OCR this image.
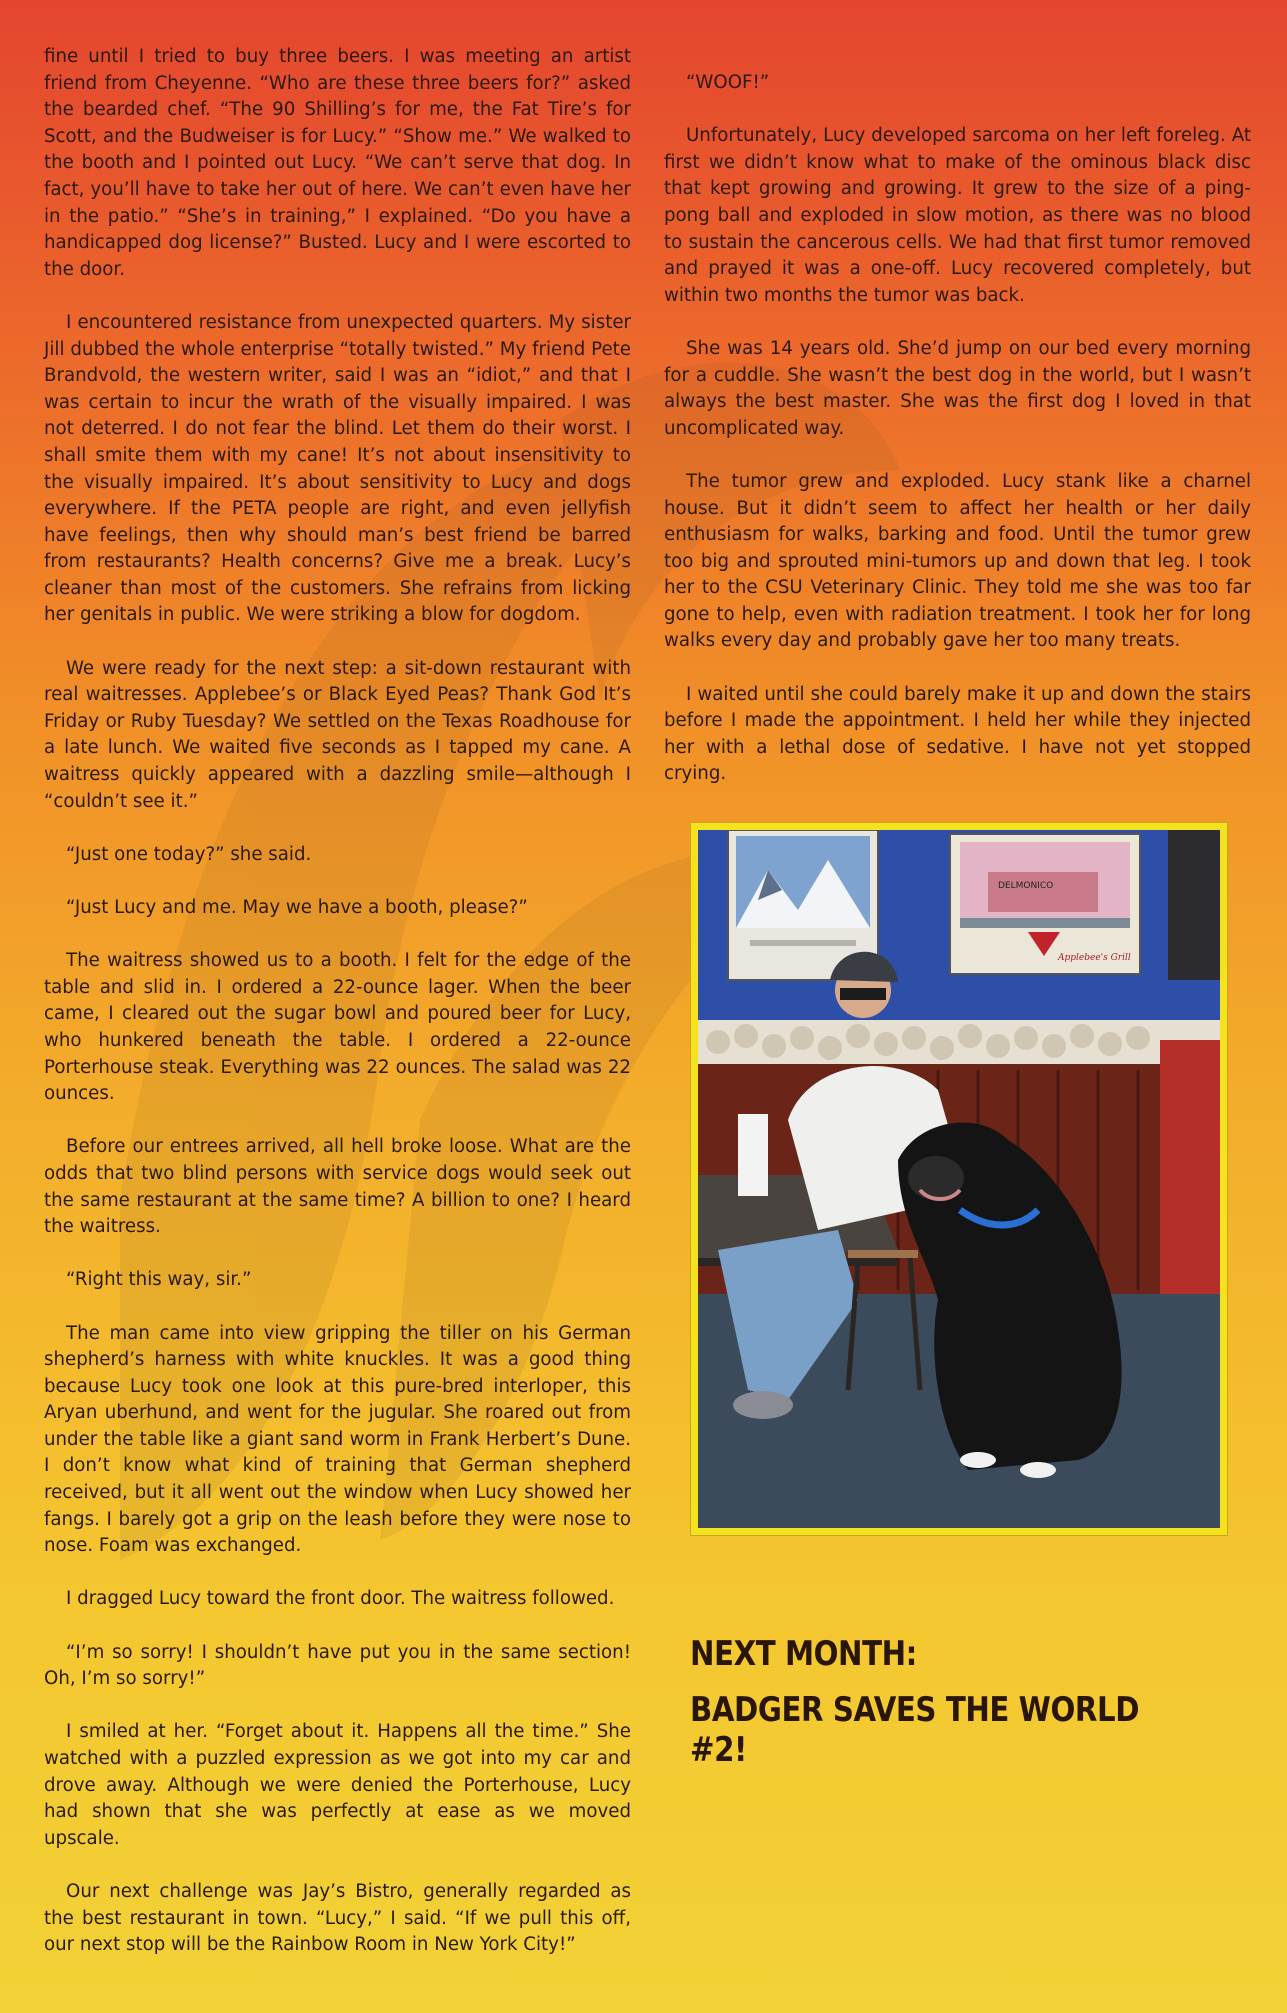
fine until I tried to buy three beers. I was meeting an artist friend from Cheyenne. “Who are these three beers for?” asked the bearded chef. “The 90 Shilling’s for me, the Fat Tire’s for Scott, and the Budweiser is for Lucy.” “Show me.” We walked to the booth and I pointed out Lucy. “We can’t serve that dog. In fact, you’ll have to take her out of here. We can’t even have her in the patio.” “She’s in training,” I explained. “Do you have a handicapped dog license?” Busted. Lucy and I were escorted to the door.

I encountered resistance from unexpected quarters. My sister Jill dubbed the whole enterprise “totally twisted.” My friend Pete Brandvold, the western writer, said I was an “idiot,” and that I was certain to incur the wrath of the visually impaired. I was not deterred. I do not fear the blind. Let them do their worst. I shall smite them with my cane! It’s not about insensitivity to the visually impaired. It’s about sensitivity to Lucy and dogs everywhere. If the PETA people are right, and even jellyfish have feelings, then why should man’s best friend be barred from restaurants? Health concerns? Give me a break. Lucy’s cleaner than most of the customers. She refrains from licking her genitals in public. We were striking a blow for dogdom.

We were ready for the next step: a sit-down restaurant with real waitresses. Applebee’s or Black Eyed Peas? Thank God It’s Friday or Ruby Tuesday? We settled on the Texas Roadhouse for a late lunch. We waited five seconds as I tapped my cane. A waitress quickly appeared with a dazzling smile—although I “couldn’t see it.”

“Just one today?” she said.

“Just Lucy and me. May we have a booth, please?”

The waitress showed us to a booth. I felt for the edge of the table and slid in. I ordered a 22-ounce lager. When the beer came, I cleared out the sugar bowl and poured beer for Lucy, who hunkered beneath the table. I ordered a 22-ounce Porterhouse steak. Everything was 22 ounces. The salad was 22 ounces.

Before our entrees arrived, all hell broke loose. What are the odds that two blind persons with service dogs would seek out the same restaurant at the same time? A billion to one? I heard the waitress.

“Right this way, sir.”

The man came into view gripping the tiller on his German shepherd’s harness with white knuckles. It was a good thing because Lucy took one look at this pure-bred interloper, this Aryan uberhund, and went for the jugular. She roared out from under the table like a giant sand worm in Frank Herbert’s Dune. I don’t know what kind of training that German shepherd received, but it all went out the window when Lucy showed her fangs. I barely got a grip on the leash before they were nose to nose. Foam was exchanged.

I dragged Lucy toward the front door. The waitress followed.

“I’m so sorry! I shouldn’t have put you in the same section! Oh, I’m so sorry!”

I smiled at her. “Forget about it. Happens all the time.” She watched with a puzzled expression as we got into my car and drove away. Although we were denied the Porterhouse, Lucy had shown that she was perfectly at ease as we moved upscale.

Our next challenge was Jay’s Bistro, generally regarded as the best restaurant in town. “Lucy,” I said. “If we pull this off, our next stop will be the Rainbow Room in New York City!”

“WOOF!”

Unfortunately, Lucy developed sarcoma on her left foreleg. At first we didn’t know what to make of the ominous black disc that kept growing and growing. It grew to the size of a ping-pong ball and exploded in slow motion, as there was no blood to sustain the cancerous cells. We had that first tumor removed and prayed it was a one-off. Lucy recovered completely, but within two months the tumor was back.

She was 14 years old. She’d jump on our bed every morning for a cuddle. She wasn’t the best dog in the world, but I wasn’t always the best master. She was the first dog I loved in that uncomplicated way.

The tumor grew and exploded. Lucy stank like a charnel house. But it didn’t seem to affect her health or her daily enthusiasm for walks, barking and food. Until the tumor grew too big and sprouted mini-tumors up and down that leg. I took her to the CSU Veterinary Clinic. They told me she was too far gone to help, even with radiation treatment. I took her for long walks every day and probably gave her too many treats.

I waited until she could barely make it up and down the stairs before I made the appointment. I held her while they injected her with a lethal dose of sedative. I have not yet stopped crying.

DELMONICO
Applebee's Grill
NEXT MONTH:
BADGER SAVES THE WORLD #2!
